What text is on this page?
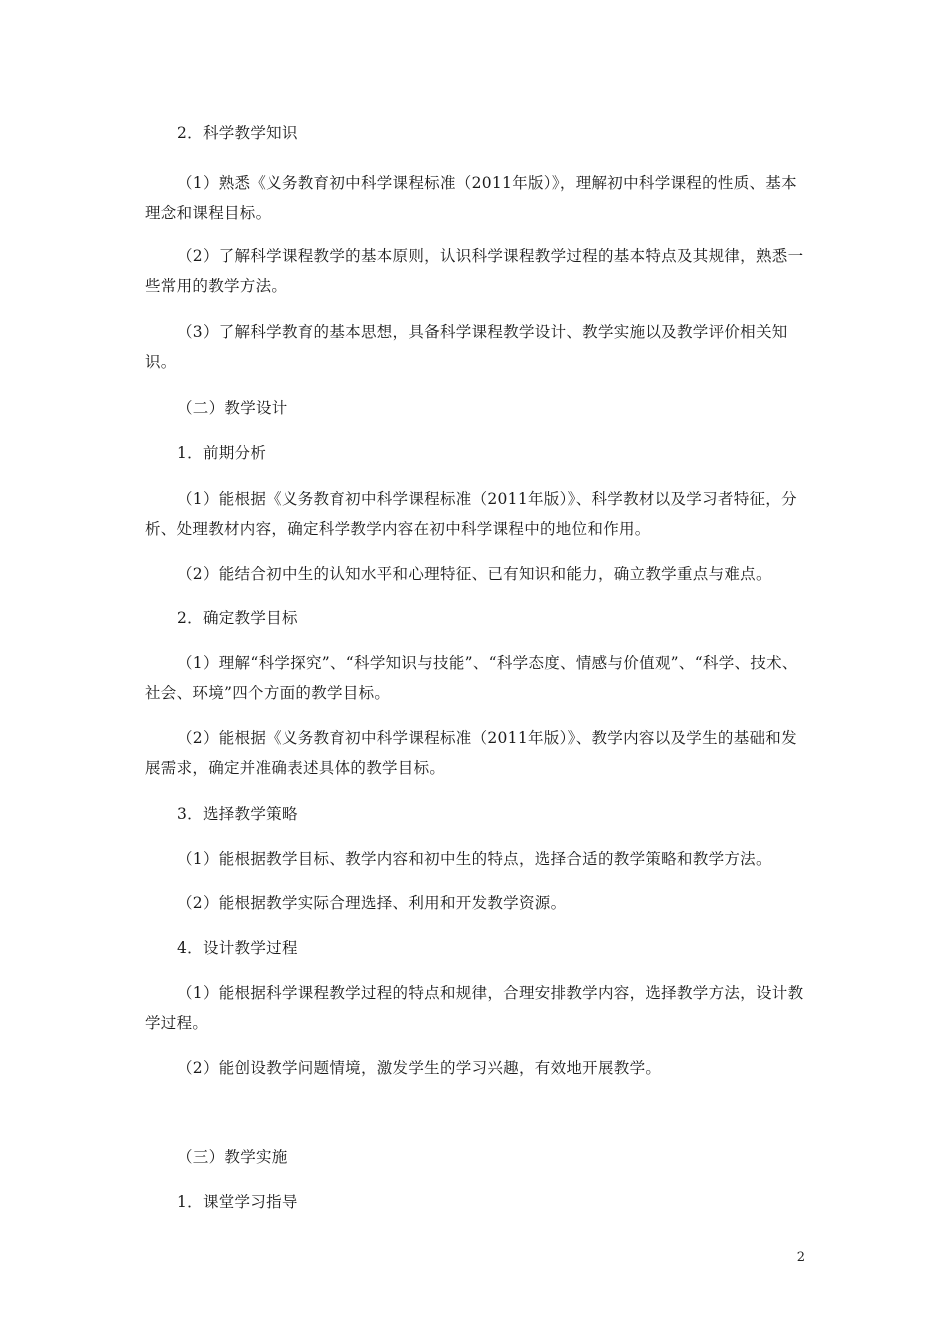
2．科学教学知识

（1）熟悉《义务教育初中科学课程标准（2011年版）》，理解初中科学课程的性质、基本理念和课程目标。

（2）了解科学课程教学的基本原则，认识科学课程教学过程的基本特点及其规律，熟悉一些常用的教学方法。

（3）了解科学教育的基本思想，具备科学课程教学设计、教学实施以及教学评价相关知识。

（二）教学设计

1．前期分析

（1）能根据《义务教育初中科学课程标准（2011年版）》、科学教材以及学习者特征，分析、处理教材内容，确定科学教学内容在初中科学课程中的地位和作用。

（2）能结合初中生的认知水平和心理特征、已有知识和能力，确立教学重点与难点。

2．确定教学目标

（1）理解“科学探究”、“科学知识与技能”、“科学态度、情感与价值观”、“科学、技术、社会、环境”四个方面的教学目标。

（2）能根据《义务教育初中科学课程标准（2011年版）》、教学内容以及学生的基础和发展需求，确定并准确表述具体的教学目标。

3．选择教学策略

（1）能根据教学目标、教学内容和初中生的特点，选择合适的教学策略和教学方法。

（2）能根据教学实际合理选择、利用和开发教学资源。

4．设计教学过程

（1）能根据科学课程教学过程的特点和规律，合理安排教学内容，选择教学方法，设计教学过程。

（2）能创设教学问题情境，激发学生的学习兴趣，有效地开展教学。

（三）教学实施

1．课堂学习指导

2
